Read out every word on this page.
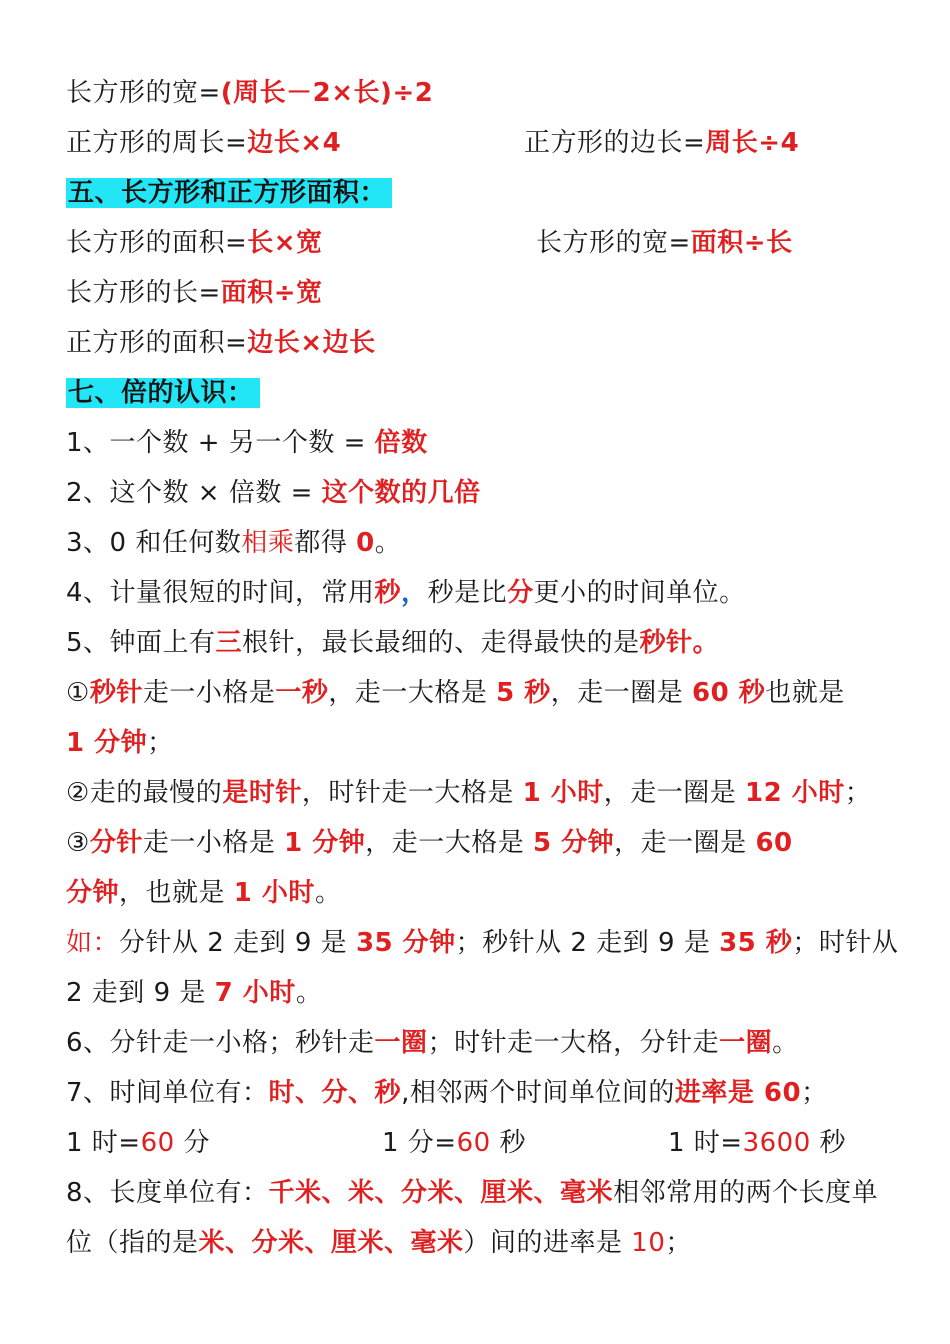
长方形的宽=(周长－2×长)÷2
正方形的周长=边长×4	正方形的边长=周长÷4
五、长方形和正方形面积：
长方形的面积=长×宽	长方形的宽=面积÷长
长方形的长=面积÷宽
正方形的面积=边长×边长
七、倍的认识：
1、一个数 + 另一个数 = 倍数
2、这个数 × 倍数 = 这个数的几倍
3、0 和任何数相乘都得 0。
4、计量很短的时间，常用秒，秒是比分更小的时间单位。
5、钟面上有三根针，最长最细的、走得最快的是秒针。
①秒针走一小格是一秒，走一大格是 5 秒，走一圈是 60 秒也就是
1 分钟；
②走的最慢的是时针，时针走一大格是 1 小时，走一圈是 12 小时；
③分针走一小格是 1 分钟，走一大格是 5 分钟，走一圈是 60
分钟，也就是 1 小时。
如：分针从 2 走到 9 是 35 分钟；秒针从 2 走到 9 是 35 秒；时针从
2 走到 9 是 7 小时。
6、分针走一小格；秒针走一圈；时针走一大格，分针走一圈。
7、时间单位有：时、分、秒,相邻两个时间单位间的进率是 60；
1 时=60 分	1 分=60 秒	1 时=3600 秒
8、长度单位有：千米、米、分米、厘米、毫米相邻常用的两个长度单
位（指的是米、分米、厘米、毫米）间的进率是 10；
